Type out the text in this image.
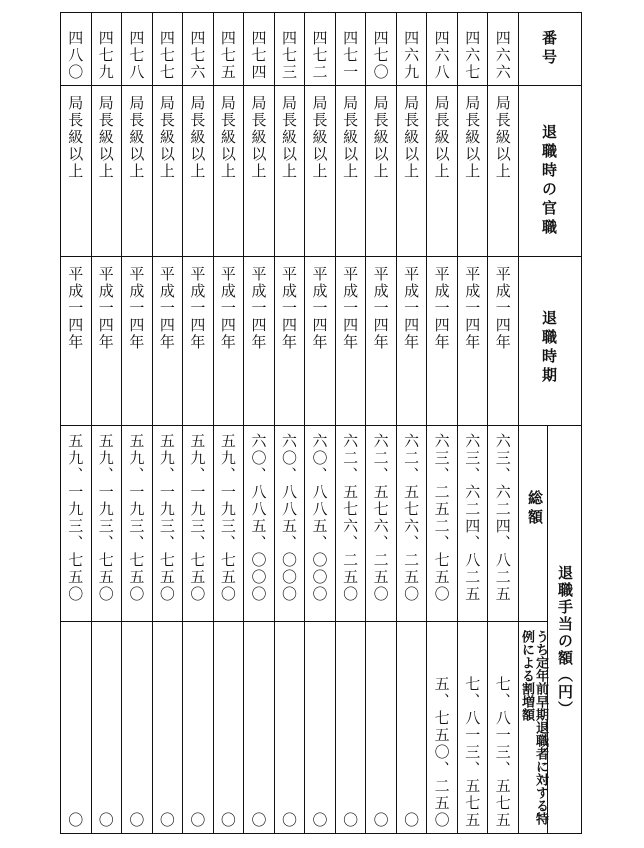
番号
退職時の官職
退職時期
総額
退職手当の額（円）
うち定年前早期退職者に対する特
例による割増額
四六六
局長級以上
平成一四年
六三、六二四、八二五
七、八一三、五七五
四六七
局長級以上
平成一四年
六三、六二四、八二五
七、八一三、五七五
四六八
局長級以上
平成一四年
六三、二五二、七五〇
五、七五〇、二五〇
四六九
局長級以上
平成一四年
六二、五七六、二五〇
〇
四七〇
局長級以上
平成一四年
六二、五七六、二五〇
〇
四七一
局長級以上
平成一四年
六二、五七六、二五〇
〇
四七二
局長級以上
平成一四年
六〇、八八五、〇〇〇
〇
四七三
局長級以上
平成一四年
六〇、八八五、〇〇〇
〇
四七四
局長級以上
平成一四年
六〇、八八五、〇〇〇
〇
四七五
局長級以上
平成一四年
五九、一九三、七五〇
〇
四七六
局長級以上
平成一四年
五九、一九三、七五〇
〇
四七七
局長級以上
平成一四年
五九、一九三、七五〇
〇
四七八
局長級以上
平成一四年
五九、一九三、七五〇
〇
四七九
局長級以上
平成一四年
五九、一九三、七五〇
〇
四八〇
局長級以上
平成一四年
五九、一九三、七五〇
〇
